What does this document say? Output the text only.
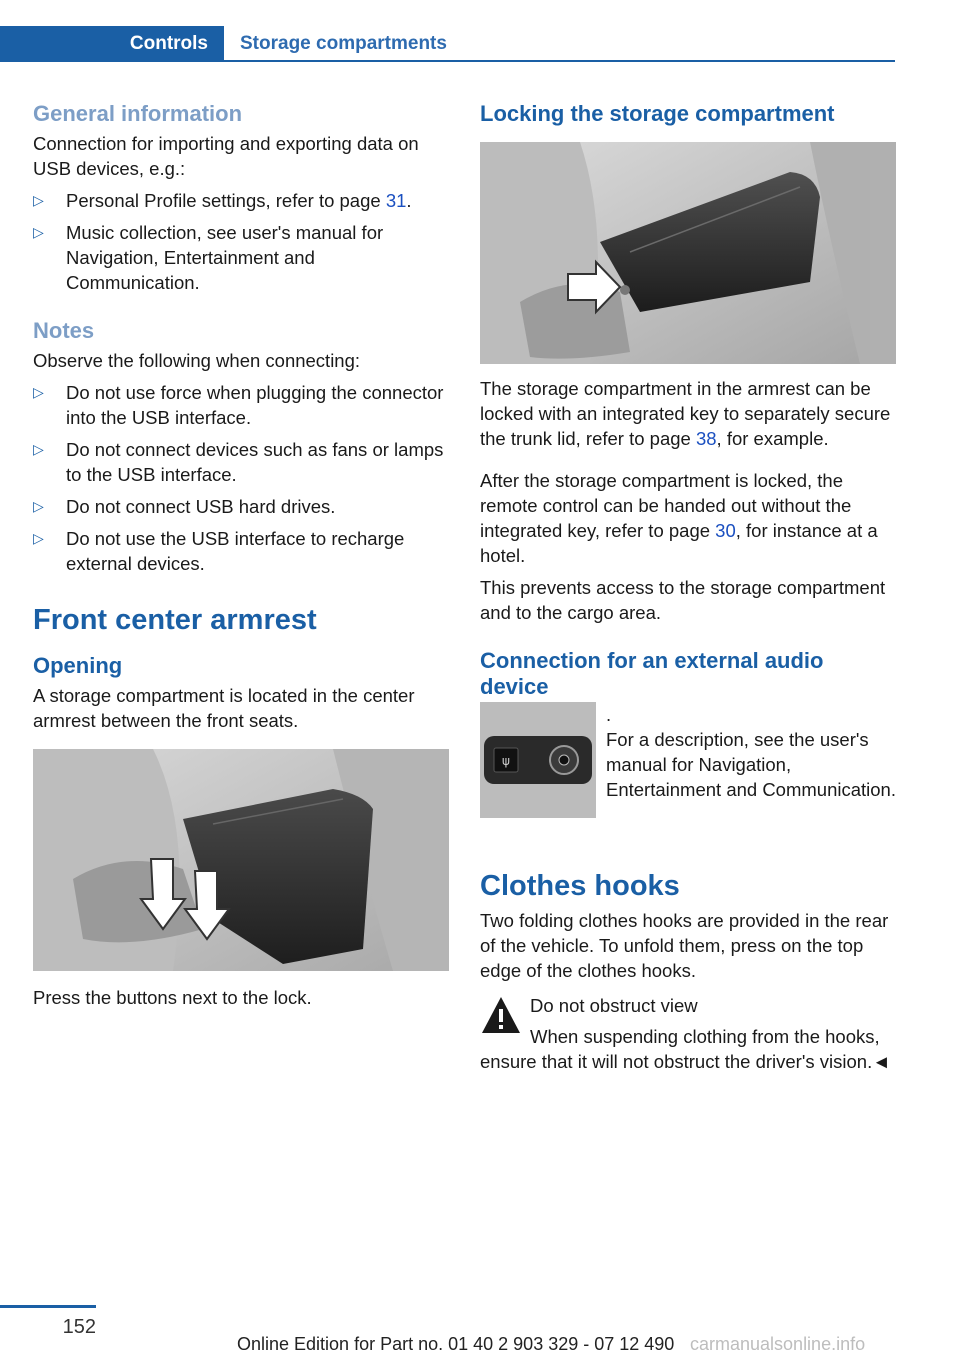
Controls	Storage compartments
General information

Connection for importing and exporting data on USB devices, e.g.:

▷ Personal Profile settings, refer to page 31.
▷ Music collection, see user's manual for Navigation, Entertainment and Communication.
Notes

Observe the following when connecting:

▷ Do not use force when plugging the connector into the USB interface.
▷ Do not connect devices such as fans or lamps to the USB interface.
▷ Do not connect USB hard drives.
▷ Do not use the USB interface to recharge external devices.
Front center armrest
Opening

A storage compartment is located in the center armrest between the front seats.

Press the buttons next to the lock.

Locking the storage compartment

The storage compartment in the armrest can be locked with an integrated key to separately secure the trunk lid, refer to page 38, for example.

After the storage compartment is locked, the remote control can be handed out without the integrated key, refer to page 30, for instance at a hotel.

This prevents access to the storage compartment and to the cargo area.

Connection for an external audio device
ψ

.

For a description, see the user's manual for Navigation, Entertainment and Communication.

Clothes hooks

Two folding clothes hooks are provided in the rear of the vehicle. To unfold them, press on the top edge of the clothes hooks.

Do not obstruct view

When suspending clothing from the hooks, ensure that it will not obstruct the driver's vision.◄

152
Online Edition for Part no. 01 40 2 903 329 - 07 12 490 carmanualsonline.info
